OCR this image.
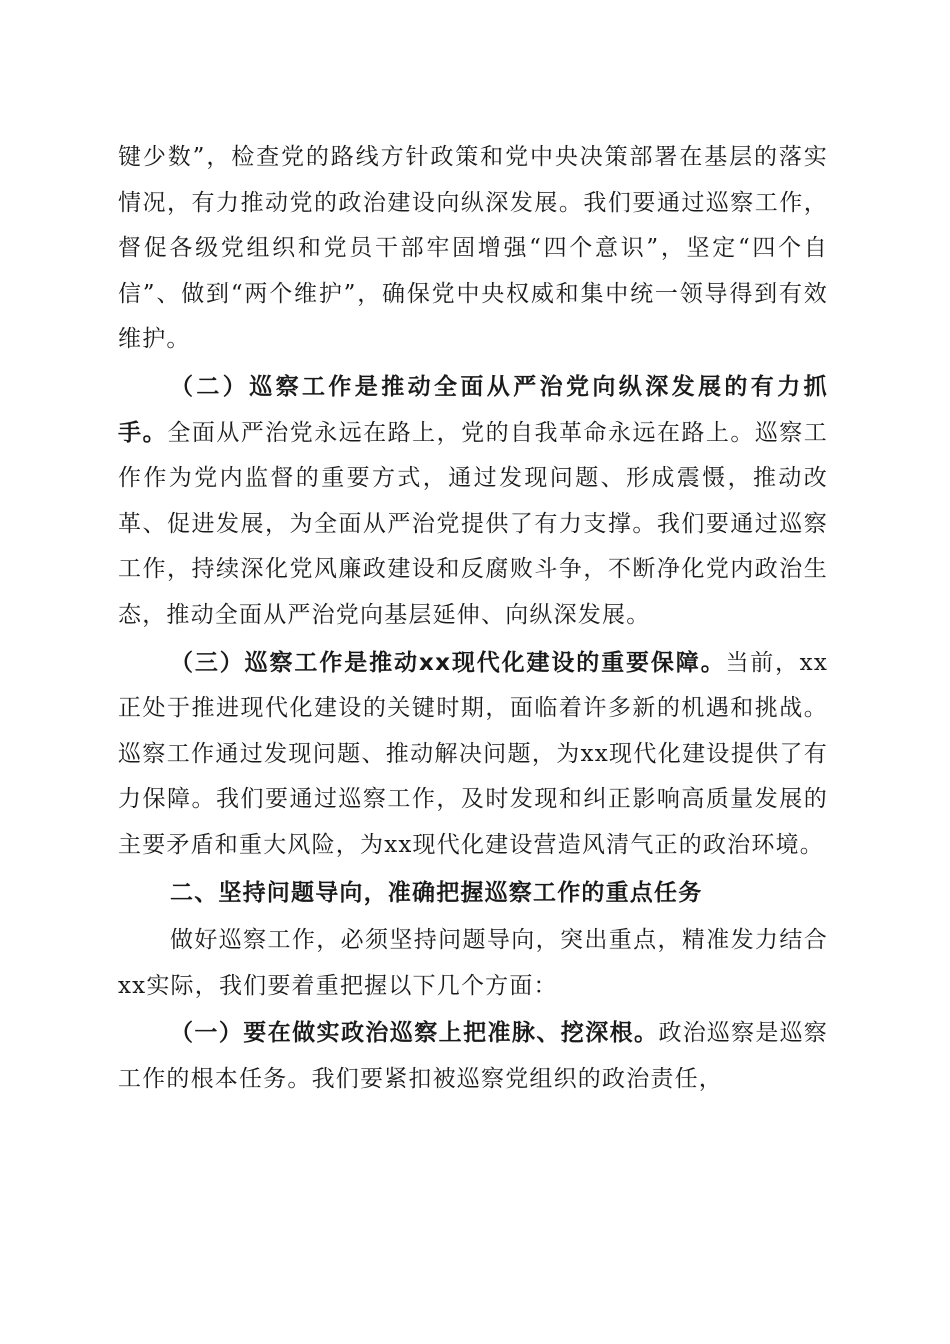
键少数”，检查党的路线方针政策和党中央决策部署在基层的落实情况，有力推动党的政治建设向纵深发展。我们要通过巡察工作，督促各级党组织和党员干部牢固增强“四个意识”，坚定“四个自信”、做到“两个维护”，确保党中央权威和集中统一领导得到有效维护。

（二）巡察工作是推动全面从严治党向纵深发展的有力抓手。全面从严治党永远在路上，党的自我革命永远在路上。巡察工作作为党内监督的重要方式，通过发现问题、形成震慑，推动改革、促进发展，为全面从严治党提供了有力支撑。我们要通过巡察工作，持续深化党风廉政建设和反腐败斗争，不断净化党内政治生态，推动全面从严治党向基层延伸、向纵深发展。

（三）巡察工作是推动xx现代化建设的重要保障。当前，xx正处于推进现代化建设的关键时期，面临着许多新的机遇和挑战。巡察工作通过发现问题、推动解决问题，为xx现代化建设提供了有力保障。我们要通过巡察工作，及时发现和纠正影响高质量发展的主要矛盾和重大风险，为xx现代化建设营造风清气正的政治环境。

二、坚持问题导向，准确把握巡察工作的重点任务

做好巡察工作，必须坚持问题导向，突出重点，精准发力结合xx实际，我们要着重把握以下几个方面：

（一）要在做实政治巡察上把准脉、挖深根。政治巡察是巡察工作的根本任务。我们要紧扣被巡察党组织的政治责任，
